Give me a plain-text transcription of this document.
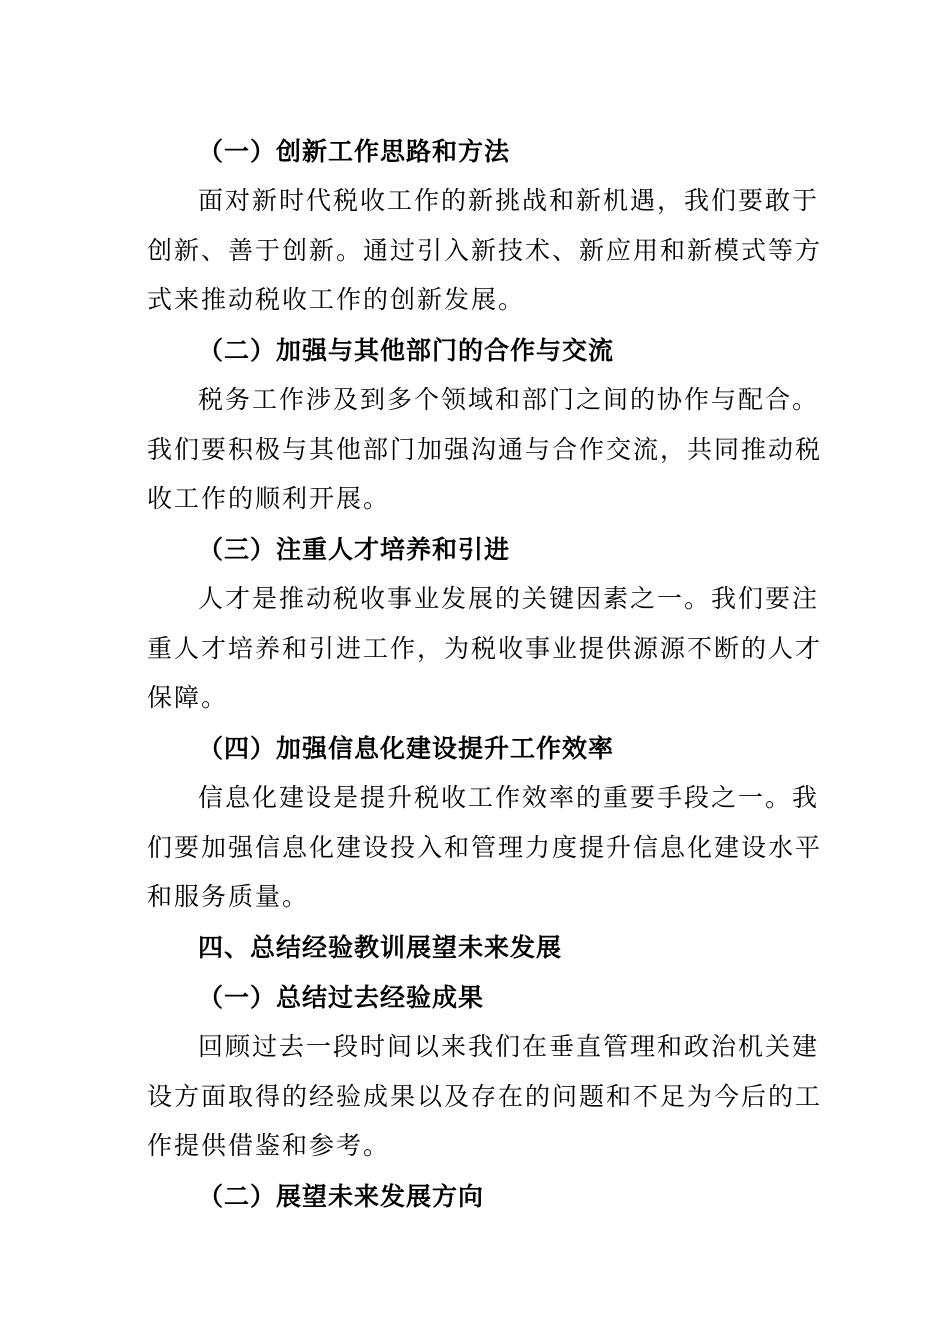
（一）创新工作思路和方法
面对新时代税收工作的新挑战和新机遇，我们要敢于
创新、善于创新。通过引入新技术、新应用和新模式等方
式来推动税收工作的创新发展。
（二）加强与其他部门的合作与交流
税务工作涉及到多个领域和部门之间的协作与配合。
我们要积极与其他部门加强沟通与合作交流，共同推动税
收工作的顺利开展。
（三）注重人才培养和引进
人才是推动税收事业发展的关键因素之一。我们要注
重人才培养和引进工作，为税收事业提供源源不断的人才
保障。
（四）加强信息化建设提升工作效率
信息化建设是提升税收工作效率的重要手段之一。我
们要加强信息化建设投入和管理力度提升信息化建设水平
和服务质量。
四、总结经验教训展望未来发展
（一）总结过去经验成果
回顾过去一段时间以来我们在垂直管理和政治机关建
设方面取得的经验成果以及存在的问题和不足为今后的工
作提供借鉴和参考。
（二）展望未来发展方向
